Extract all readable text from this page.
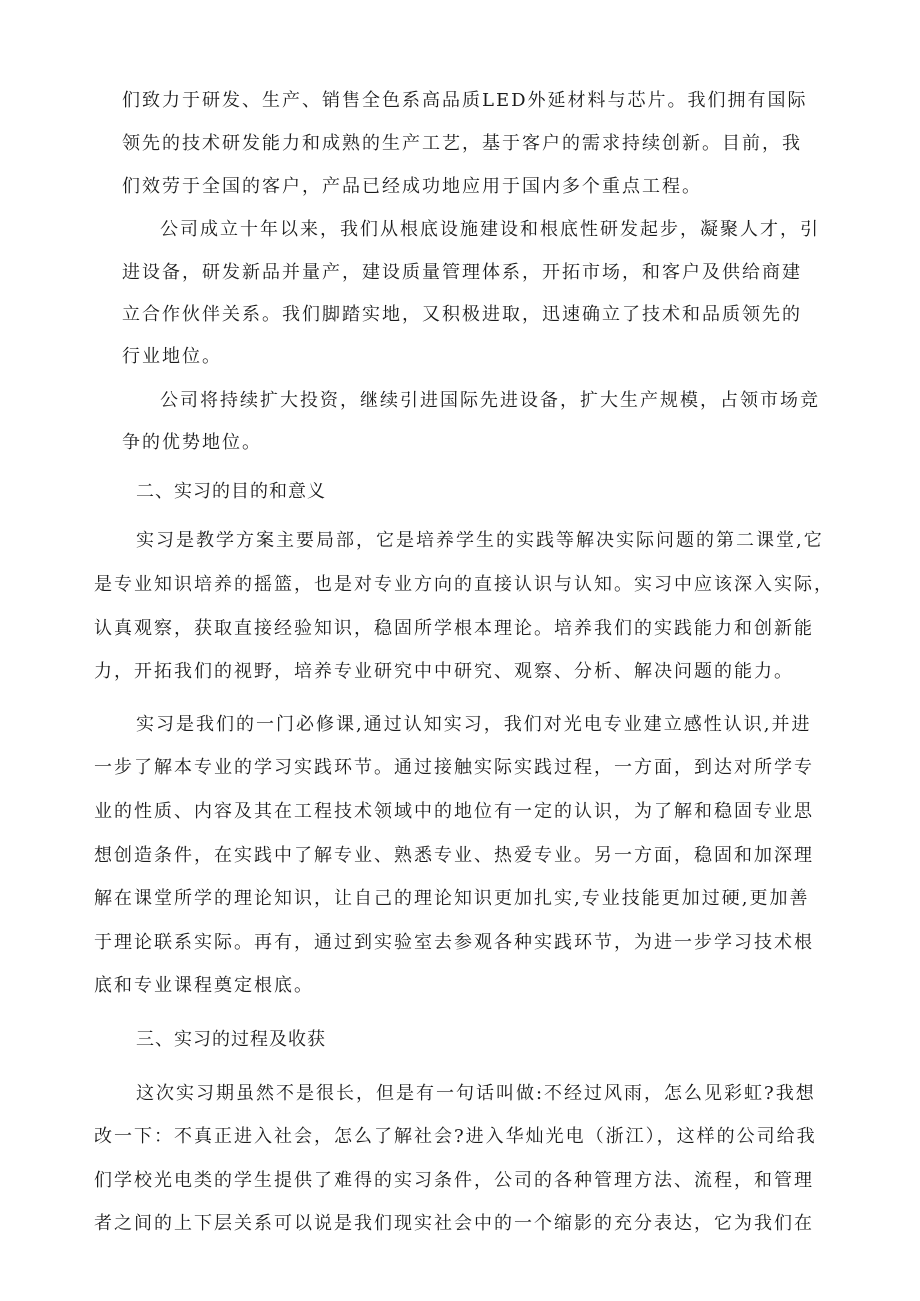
们致力于研发、生产、销售全色系高品质LED外延材料与芯片。我们拥有国际
领先的技术研发能力和成熟的生产工艺，基于客户的需求持续创新。目前，我
们效劳于全国的客户，产品已经成功地应用于国内多个重点工程。
公司成立十年以来，我们从根底设施建设和根底性研发起步，凝聚人才，引
进设备，研发新品并量产，建设质量管理体系，开拓市场，和客户及供给商建
立合作伙伴关系。我们脚踏实地，又积极进取，迅速确立了技术和品质领先的
行业地位。
公司将持续扩大投资，继续引进国际先进设备，扩大生产规模，占领市场竞
争的优势地位。
二、实习的目的和意义
实习是教学方案主要局部，它是培养学生的实践等解决实际问题的第二课堂,它
是专业知识培养的摇篮，也是对专业方向的直接认识与认知。实习中应该深入实际，
认真观察，获取直接经验知识，稳固所学根本理论。培养我们的实践能力和创新能
力，开拓我们的视野，培养专业研究中中研究、观察、分析、解决问题的能力。
实习是我们的一门必修课,通过认知实习，我们对光电专业建立感性认识,并进
一步了解本专业的学习实践环节。通过接触实际实践过程，一方面，到达对所学专
业的性质、内容及其在工程技术领域中的地位有一定的认识，为了解和稳固专业思
想创造条件，在实践中了解专业、熟悉专业、热爱专业。另一方面，稳固和加深理
解在课堂所学的理论知识，让自己的理论知识更加扎实,专业技能更加过硬,更加善
于理论联系实际。再有，通过到实验室去参观各种实践环节，为进一步学习技术根
底和专业课程奠定根底。
三、实习的过程及收获
这次实习期虽然不是很长，但是有一句话叫做:不经过风雨，怎么见彩虹?我想
改一下：不真正进入社会，怎么了解社会?进入华灿光电（浙江），这样的公司给我
们学校光电类的学生提供了难得的实习条件，公司的各种管理方法、流程，和管理
者之间的上下层关系可以说是我们现实社会中的一个缩影的充分表达，它为我们在
